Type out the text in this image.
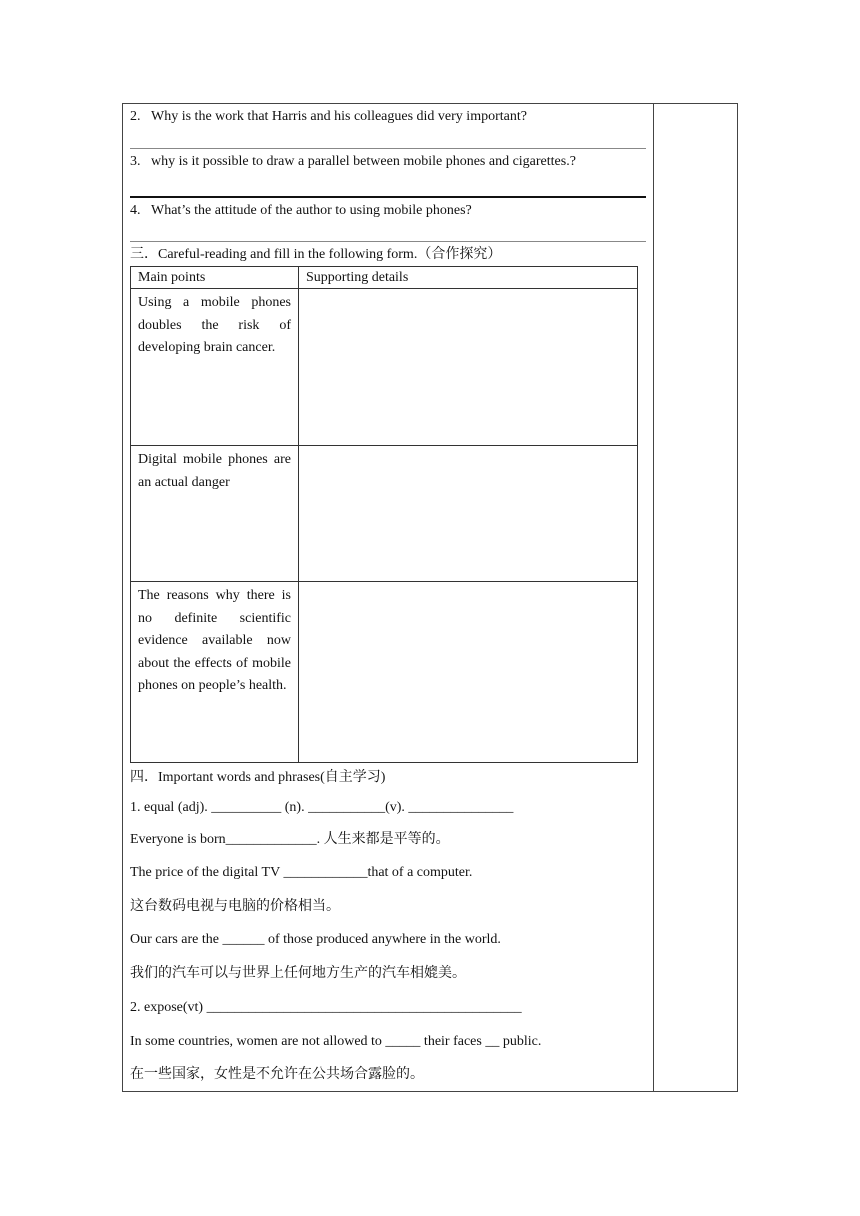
2. Why is the work that Harris and his colleagues did very important?
3. why is it possible to draw a parallel between mobile phones and cigarettes.?
4. What’s the attitude of the author to using mobile phones?
三．Careful-reading and fill in the following form.（合作探究）
Main points	Supporting details
Using a mobile phones doubles the risk of developing brain cancer.	
Digital mobile phones are an actual danger	
The reasons why there is no definite scientific evidence available now about the effects of mobile phones on people’s health.	
四．Important words and phrases(自主学习)
1. equal (adj). __________ (n). ___________(v). _______________
Everyone is born_____________. 人生来都是平等的。
The price of the digital TV ____________that of a computer.
这台数码电视与电脑的价格相当。
Our cars are the ______ of those produced anywhere in the world.
我们的汽车可以与世界上任何地方生产的汽车相媲美。
2. expose(vt) _____________________________________________
In some countries, women are not allowed to _____ their faces __ public.
在一些国家，女性是不允许在公共场合露脸的。
